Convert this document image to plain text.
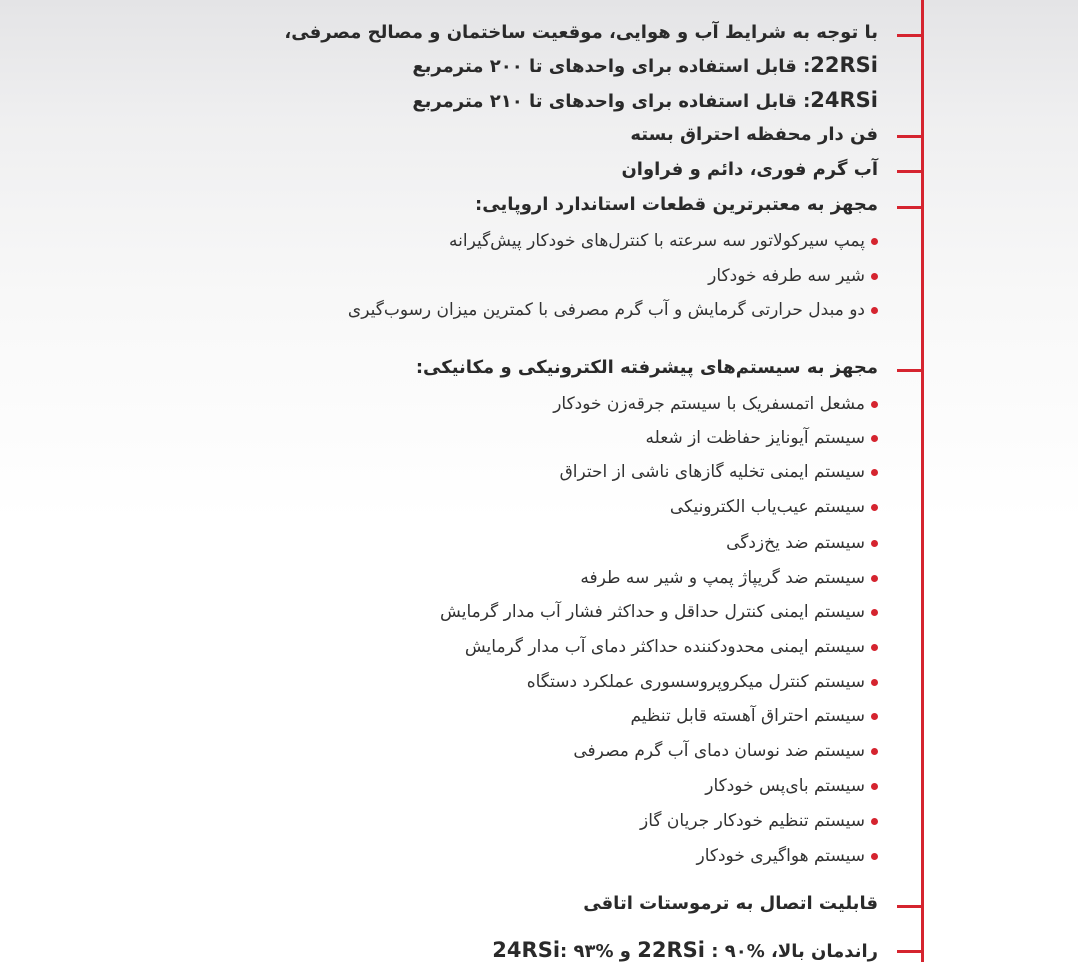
با توجه به شرایط آب و هوایی، موقعیت ساختمان و مصالح مصرفی،
22RSi: قابل استفاده برای واحدهای تا ۲۰۰ مترمربع
24RSi: قابل استفاده برای واحدهای تا ۲۱۰ مترمربع
فن دار محفظه احتراق بسته
آب گرم فوری، دائم و فراوان
مجهز به معتبرترین قطعات استاندارد اروپایی:
پمپ سیرکولاتور سه سرعته با کنترل‌های خودکار پیش‌گیرانه
شیر سه طرفه خودکار
دو مبدل حرارتی گرمایش و آب گرم مصرفی با کمترین میزان رسوب‌گیری
مجهز به سیستم‌های پیشرفته الکترونیکی و مکانیکی:
مشعل اتمسفریک با سیستم جرقه‌زن خودکار
سیستم آیونایز حفاظت از شعله
سیستم ایمنی تخلیه گازهای ناشی از احتراق
سیستم عیب‌یاب الکترونیکی
سیستم ضد یخ‌زدگی
سیستم ضد گریپاژ پمپ و شیر سه طرفه
سیستم ایمنی کنترل حداقل و حداکثر فشار آب مدار گرمایش
سیستم ایمنی محدودکننده حداکثر دمای آب مدار گرمایش
سیستم کنترل میکروپروسسوری عملکرد دستگاه
سیستم احتراق آهسته قابل تنظیم
سیستم ضد نوسان دمای آب گرم مصرفی
سیستم بای‌پس خودکار
سیستم تنظیم خودکار جریان گاز
سیستم هواگیری خودکار
قابلیت اتصال به ترموستات اتاقی
راندمان بالا، 22RSi : ۹۰% و 24RSi: ۹۳%
